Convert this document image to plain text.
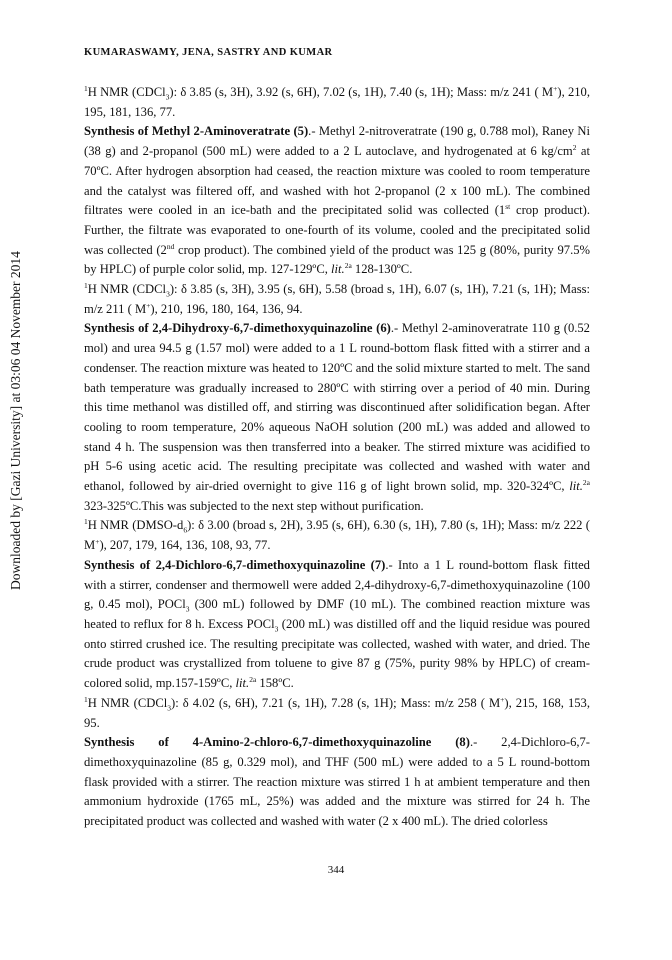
KUMARASWAMY, JENA, SASTRY AND KUMAR
Downloaded by [Gazi University] at 03:06 04 November 2014

$^1$H NMR (CDCl$_3$): δ 3.85 (s, 3H), 3.92 (s, 6H), 7.02 (s, 1H), 7.40 (s, 1H); Mass: m/z 241 ( M+), 210, 195, 181, 136, 77.

Synthesis of Methyl 2-Aminoveratrate (5).- Methyl 2-nitroveratrate (190 g, 0.788 mol), Raney Ni (38 g) and 2-propanol (500 mL) were added to a 2 L autoclave, and hydrogenated at 6 $kg/cm^2$ at 70ºC. After hydrogen absorption had ceased, the reaction mixture was cooled to room temperature and the catalyst was filtered off, and washed with hot 2-propanol (2 x 100 mL). The combined filtrates were cooled in an ice-bath and the precipitated solid was collected (1st crop product). Further, the filtrate was evaporated to one-fourth of its volume, cooled and the precipitated solid was collected (2nd crop product). The combined yield of the product was 125 g (80%, purity 97.5% by HPLC) of purple color solid, mp. 127-129ºC, lit.$^{2a}$ 128-130ºC.

$^1$H NMR (CDCl$_3$): δ 3.85 (s, 3H), 3.95 (s, 6H), 5.58 (broad s, 1H), 6.07 (s, 1H), 7.21 (s, 1H); Mass: m/z 211 ( M+), 210, 196, 180, 164, 136, 94.

Synthesis of 2,4-Dihydroxy-6,7-dimethoxyquinazoline (6).- Methyl 2-aminoveratrate 110 g (0.52 mol) and urea 94.5 g (1.57 mol) were added to a 1 L round-bottom flask fitted with a stirrer and a condenser. The reaction mixture was heated to 120ºC and the solid mixture started to melt. The sand bath temperature was gradually increased to 280ºC with stirring over a period of 40 min. During this time methanol was distilled off, and stirring was discontinued after solidification began. After cooling to room temperature, 20% aqueous NaOH solution (200 mL) was added and allowed to stand 4 h. The suspension was then transferred into a beaker. The stirred mixture was acidified to pH 5-6 using acetic acid. The resulting precipitate was collected and washed with water and ethanol, followed by air-dried overnight to give 116 g of light brown solid, mp. 320-324ºC, lit.$^{2a}$ 323-325ºC.This was subjected to the next step without purification.

$^1$H NMR $(DMSO-d_6)$: δ 3.00 (broad s, 2H), 3.95 (s, 6H), 6.30 (s, 1H), 7.80 (s, 1H); Mass: m/z 222 ( M+), 207, 179, 164, 136, 108, 93, 77.

Synthesis of 2,4-Dichloro-6,7-dimethoxyquinazoline (7).- Into a 1 L round-bottom flask fitted with a stirrer, condenser and thermowell were added 2,4-dihydroxy-6,7-dimethoxyquinazoline (100 g, 0.45 mol), POCl$_3$ (300 mL) followed by DMF (10 mL). The combined reaction mixture was heated to reflux for 8 h. Excess POCl$_3$ (200 mL) was distilled off and the liquid residue was poured onto stirred crushed ice. The resulting precipitate was collected, washed with water, and dried. The crude product was crystallized from toluene to give 87 g (75%, purity 98% by HPLC) of cream-colored solid, mp.157-159ºC, lit.$^{2a}$ 158ºC.

$^1$H NMR (CDCl$_3$): δ 4.02 (s, 6H), 7.21 (s, 1H), 7.28 (s, 1H); Mass: m/z 258 ( M+), 215, 168, 153, 95.

Synthesis of 4-Amino-2-chloro-6,7-dimethoxyquinazoline (8).- 2,4-Dichloro-6,7-dimethoxyquinazoline (85 g, 0.329 mol), and THF (500 mL) were added to a 5 L round-bottom flask provided with a stirrer. The reaction mixture was stirred 1 h at ambient temperature and then ammonium hydroxide (1765 mL, 25%) was added and the mixture was stirred for 24 h. The precipitated product was collected and washed with water (2 x 400 mL). The dried colorless

344
